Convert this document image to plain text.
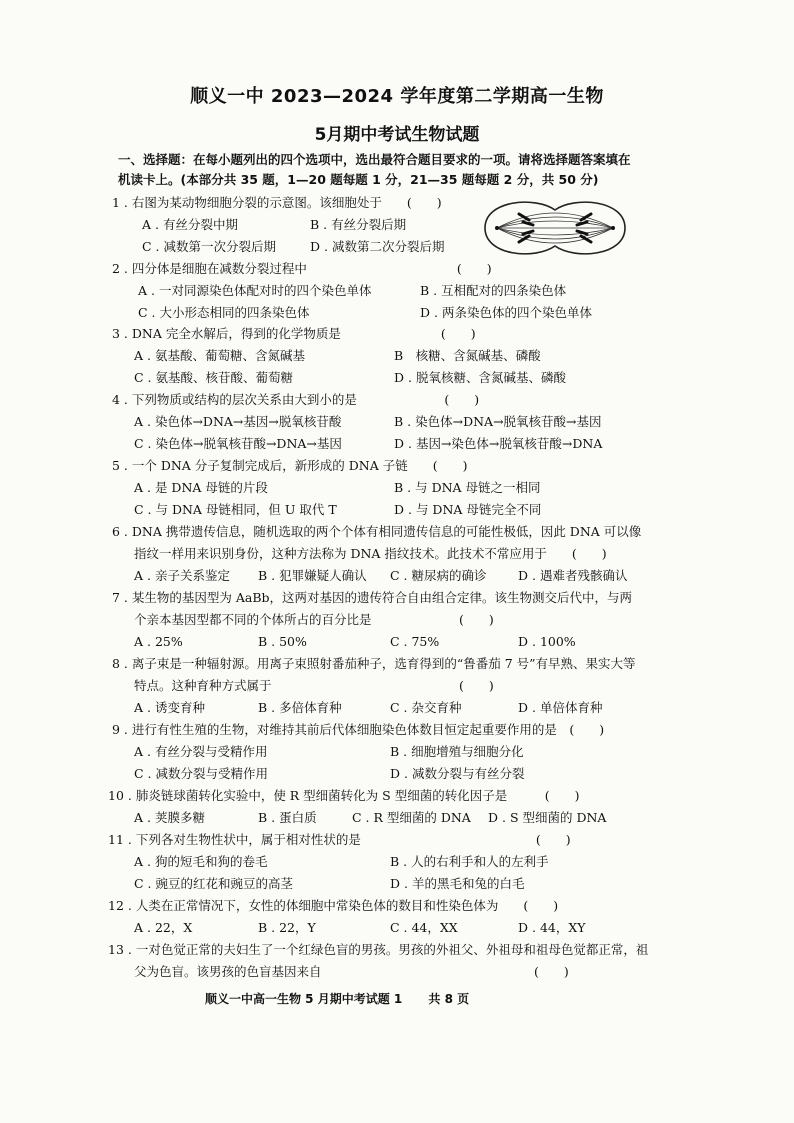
顺义一中 2023—2024 学年度第二学期高一生物
5月期中考试生物试题
一、选择题：在每小题列出的四个选项中，选出最符合题目要求的一项。请将选择题答案填在
机读卡上。(本部分共 35 题，1—20 题每题 1 分，21—35 题每题 2 分，共 50 分)
1 . 右图为某动物细胞分裂的示意图。该细胞处于　　(　　)
A . 有丝分裂中期	B . 有丝分裂后期
C . 减数第一次分裂后期	D . 减数第二次分裂后期
2 . 四分体是细胞在减数分裂过程中　　　　　　　　　　　　(　　)
A . 一对同源染色体配对时的四个染色单体	B . 互相配对的四条染色体
C . 大小形态相同的四条染色体	D . 两条染色体的四个染色单体
3 . DNA 完全水解后，得到的化学物质是　　　　　　　　(　　)
A . 氨基酸、葡萄糖、含氮碱基	B　核糖、含氮碱基、磷酸
C . 氨基酸、核苷酸、葡萄糖	D . 脱氧核糖、含氮碱基、磷酸
4 . 下列物质或结构的层次关系由大到小的是　　　　　　　(　　)
A . 染色体→DNA→基因→脱氧核苷酸	B . 染色体→DNA→脱氧核苷酸→基因
C . 染色体→脱氧核苷酸→DNA→基因	D . 基因→染色体→脱氧核苷酸→DNA
5 . 一个 DNA 分子复制完成后，新形成的 DNA 子链　　(　　)
A . 是 DNA 母链的片段	B . 与 DNA 母链之一相同
C . 与 DNA 母链相同，但 U 取代 T	D . 与 DNA 母链完全不同
6 . DNA 携带遗传信息，随机选取的两个个体有相同遗传信息的可能性极低，因此 DNA 可以像
指纹一样用来识别身份，这种方法称为 DNA 指纹技术。此技术不常应用于　　(　　)
A . 亲子关系鉴定 B . 犯罪嫌疑人确认 C . 糖尿病的确诊	D . 遇难者残骸确认
7 . 某生物的基因型为 AaBb，这两对基因的遗传符合自由组合定律。该生物测交后代中，与两
个亲本基因型都不同的个体所占的百分比是　　　　　　　(　　)
A . 25%	B . 50%	C . 75%	D . 100%
8 . 离子束是一种辐射源。用离子束照射番茄种子，选育得到的“鲁番茄 7 号”有早熟、果实大等
特点。这种育种方式属于　　　　　　　　　　　　　　　(　　)
A . 诱变育种	B . 多倍体育种	C . 杂交育种	D . 单倍体育种
9 . 进行有性生殖的生物，对维持其前后代体细胞染色体数目恒定起重要作用的是　(　　)
A . 有丝分裂与受精作用	B . 细胞增殖与细胞分化
C . 减数分裂与受精作用	D . 减数分裂与有丝分裂
10 . 肺炎链球菌转化实验中，使 R 型细菌转化为 S 型细菌的转化因子是　　　(　　)
A . 荚膜多糖	B . 蛋白质	C . R 型细菌的 DNA D . S 型细菌的 DNA
11 . 下列各对生物性状中，属于相对性状的是　　　　　　　　　　　　　　(　　)
A . 狗的短毛和狗的卷毛	B . 人的右利手和人的左利手
C . 豌豆的红花和豌豆的高茎	D . 羊的黑毛和兔的白毛
12 . 人类在正常情况下，女性的体细胞中常染色体的数目和性染色体为　　(　　)
A . 22，X	B . 22，Y	C . 44，XX	D . 44，XY
13 . 一对色觉正常的夫妇生了一个红绿色盲的男孩。男孩的外祖父、外祖母和祖母色觉都正常，祖
父为色盲。该男孩的色盲基因来自　　　　　　　　　　　　　　　　　(　　)
顺义一中高一生物 5 月期中考试题 1 共 8 页
